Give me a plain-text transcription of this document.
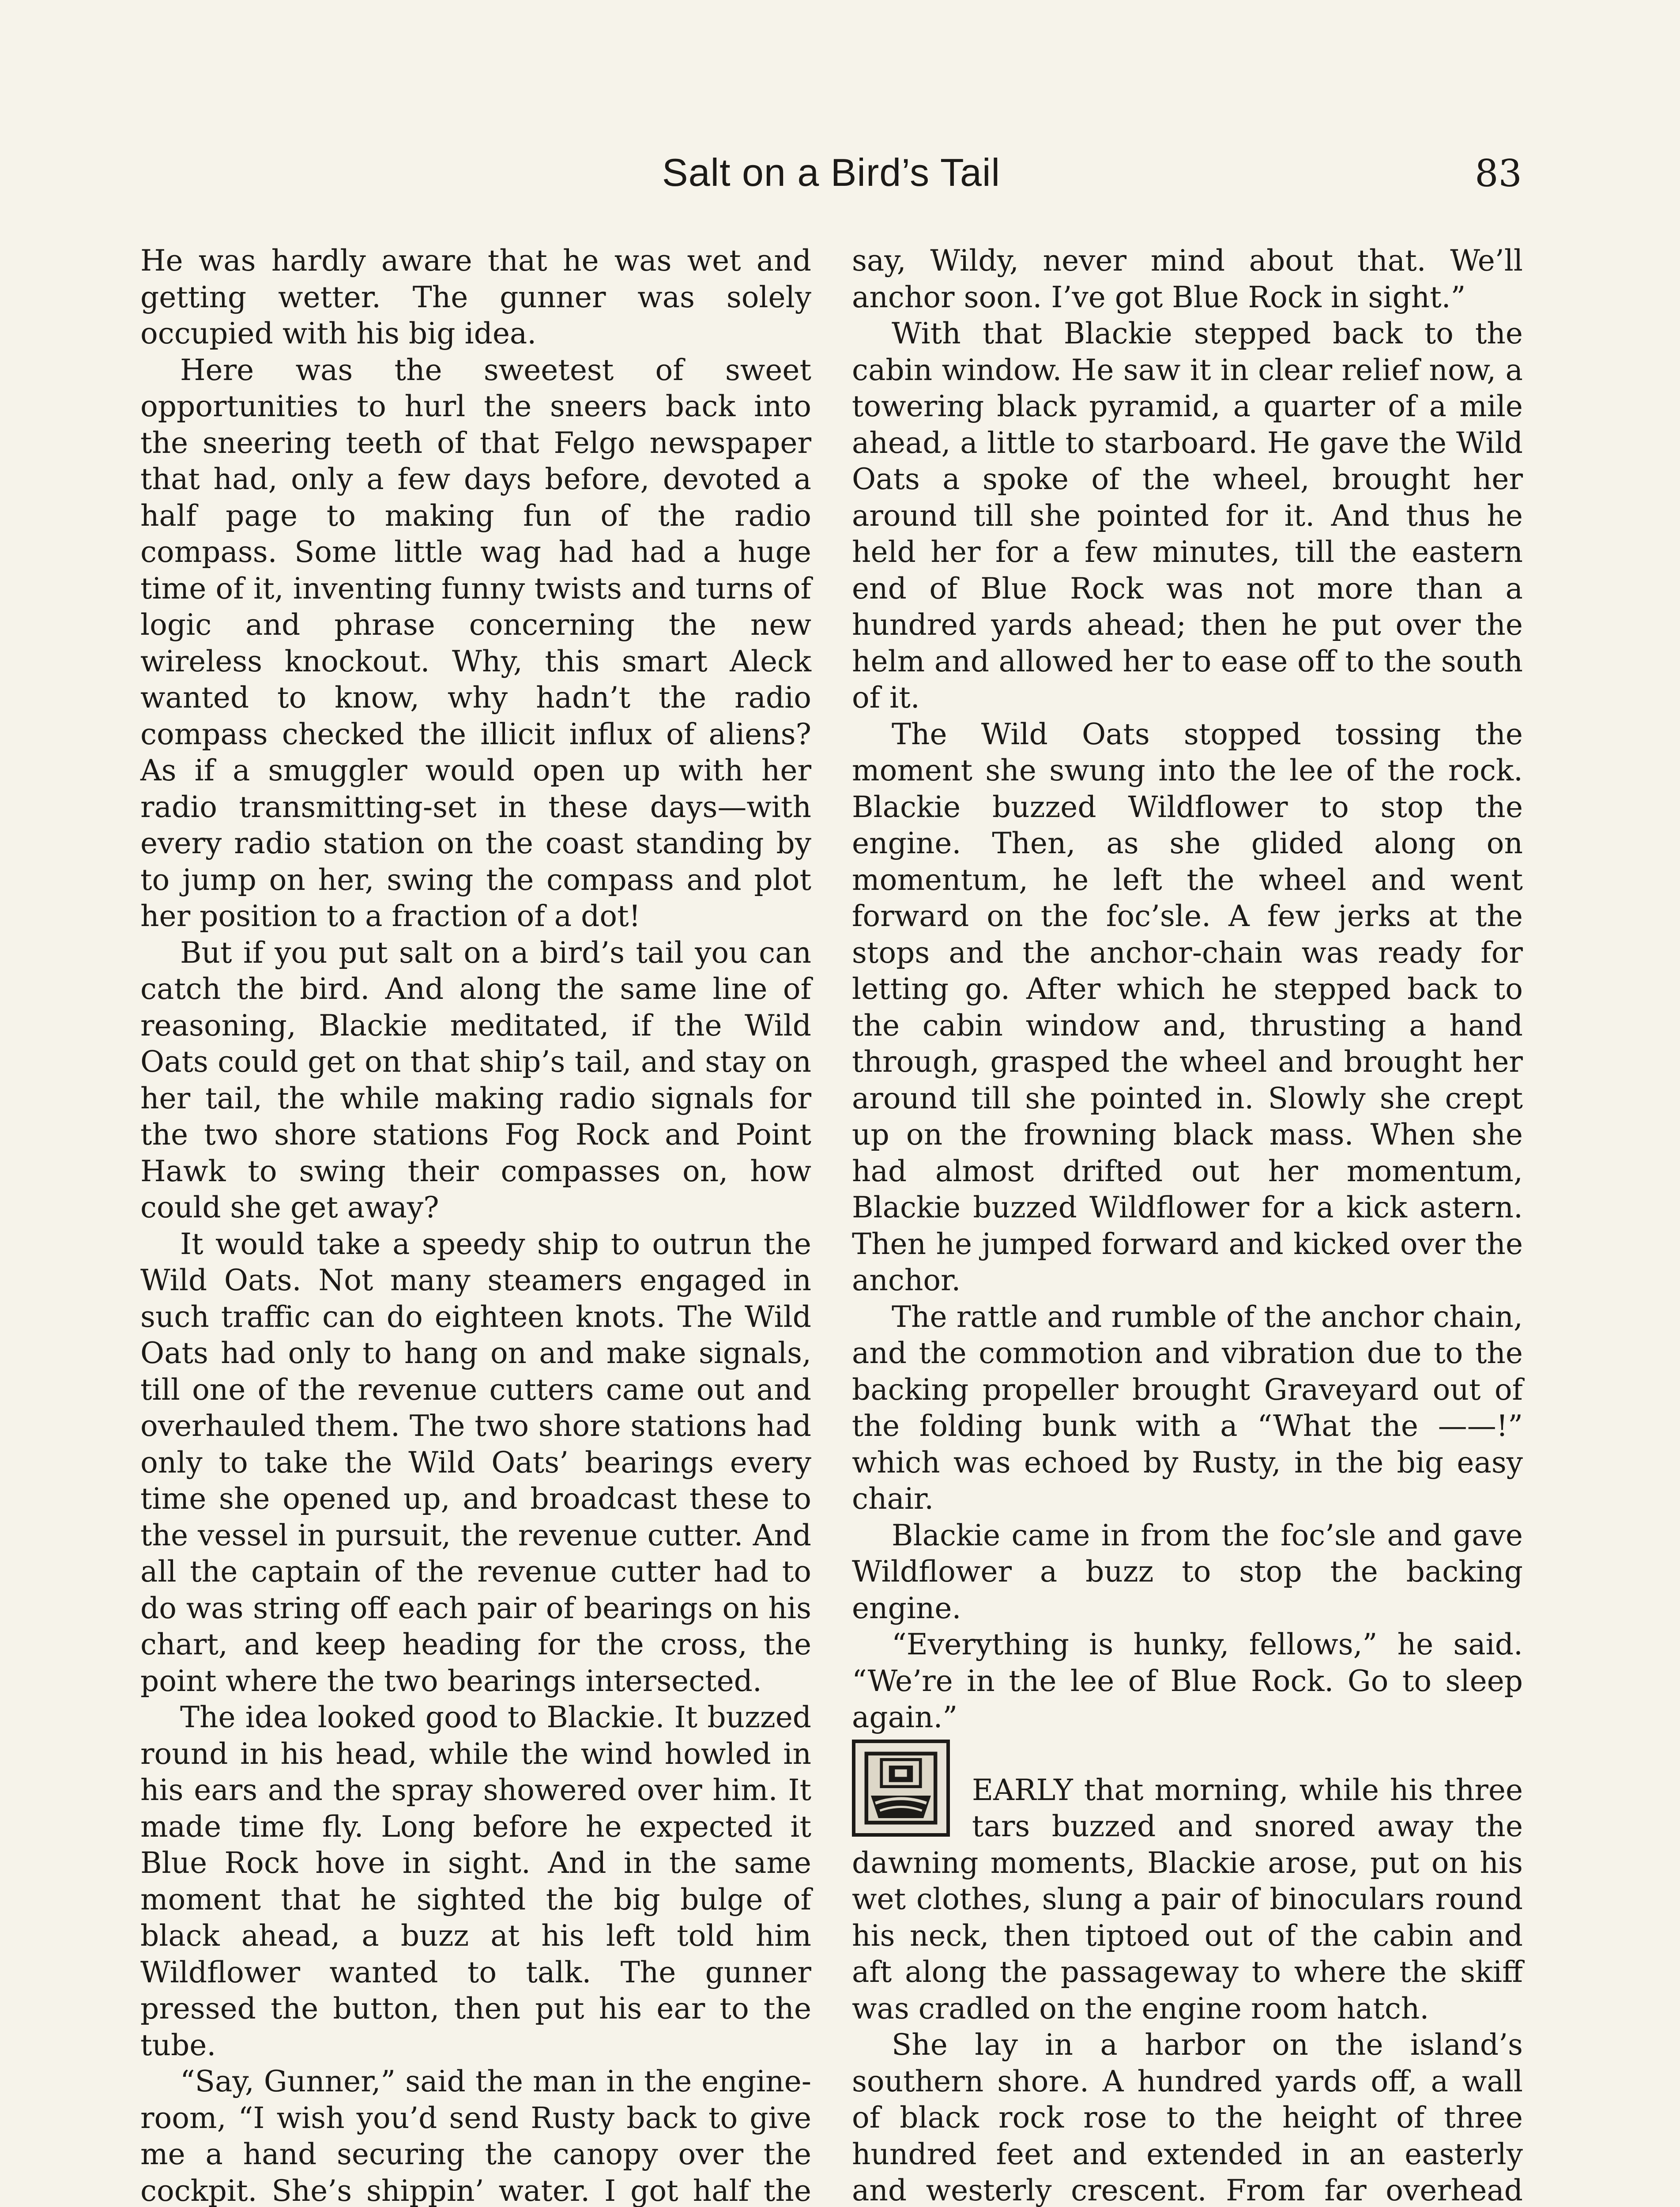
Salt on a Bird’s Tail	83

He was hardly aware that he was wet and getting wetter. The gunner was solely occupied with his big idea.

Here was the sweetest of sweet opportunities to hurl the sneers back into the sneering teeth of that Felgo newspaper that had, only a few days before, devoted a half page to making fun of the radio compass. Some little wag had had a huge time of it, inventing funny twists and turns of logic and phrase concerning the new wireless knockout. Why, this smart Aleck wanted to know, why hadn’t the radio compass checked the illicit influx of aliens? As if a smuggler would open up with her radio transmitting-set in these days—with every radio station on the coast standing by to jump on her, swing the compass and plot her position to a fraction of a dot!

But if you put salt on a bird’s tail you can catch the bird. And along the same line of reasoning, Blackie meditated, if the Wild Oats could get on that ship’s tail, and stay on her tail, the while making radio signals for the two shore stations Fog Rock and Point Hawk to swing their compasses on, how could she get away?

It would take a speedy ship to outrun the Wild Oats. Not many steamers engaged in such traffic can do eighteen knots. The Wild Oats had only to hang on and make signals, till one of the revenue cutters came out and overhauled them. The two shore stations had only to take the Wild Oats’ bearings every time she opened up, and broadcast these to the vessel in pursuit, the revenue cutter. And all the captain of the revenue cutter had to do was string off each pair of bearings on his chart, and keep heading for the cross, the point where the two bearings intersected.

The idea looked good to Blackie. It buzzed round in his head, while the wind howled in his ears and the spray showered over him. It made time fly. Long before he expected it Blue Rock hove in sight. And in the same moment that he sighted the big bulge of black ahead, a buzz at his left told him Wildflower wanted to talk. The gunner pressed the button, then put his ear to the tube.

“Say, Gunner,” said the man in the engine-room, “I wish you’d send Rusty back to give me a hand securing the canopy over the cockpit. She’s shippin’ water. I got half the

say, Wildy, never mind about that. We’ll anchor soon. I’ve got Blue Rock in sight.”

With that Blackie stepped back to the cabin window. He saw it in clear relief now, a towering black pyramid, a quarter of a mile ahead, a little to starboard. He gave the Wild Oats a spoke of the wheel, brought her around till she pointed for it. And thus he held her for a few minutes, till the eastern end of Blue Rock was not more than a hundred yards ahead; then he put over the helm and allowed her to ease off to the south of it.

The Wild Oats stopped tossing the moment she swung into the lee of the rock. Blackie buzzed Wildflower to stop the engine. Then, as she glided along on momentum, he left the wheel and went forward on the foc’sle. A few jerks at the stops and the anchor-chain was ready for letting go. After which he stepped back to the cabin window and, thrusting a hand through, grasped the wheel and brought her around till she pointed in. Slowly she crept up on the frowning black mass. When she had almost drifted out her momentum, Blackie buzzed Wildflower for a kick astern. Then he jumped forward and kicked over the anchor.

The rattle and rumble of the anchor chain, and the commotion and vibration due to the backing propeller brought Graveyard out of the folding bunk with a “What the ——!” which was echoed by Rusty, in the big easy chair.

Blackie came in from the foc’sle and gave Wildflower a buzz to stop the backing engine.

“Everything is hunky, fellows,” he said. “We’re in the lee of Blue Rock. Go to sleep again.”

EARLY that morning, while his three tars buzzed and snored away the dawning moments, Blackie arose, put on his wet clothes, slung a pair of binoculars round his neck, then tiptoed out of the cabin and aft along the passageway to where the skiff was cradled on the engine room hatch.

She lay in a harbor on the island’s southern shore. A hundred yards off, a wall of black rock rose to the height of three hundred feet and extended in an easterly and westerly crescent. From far overhead
